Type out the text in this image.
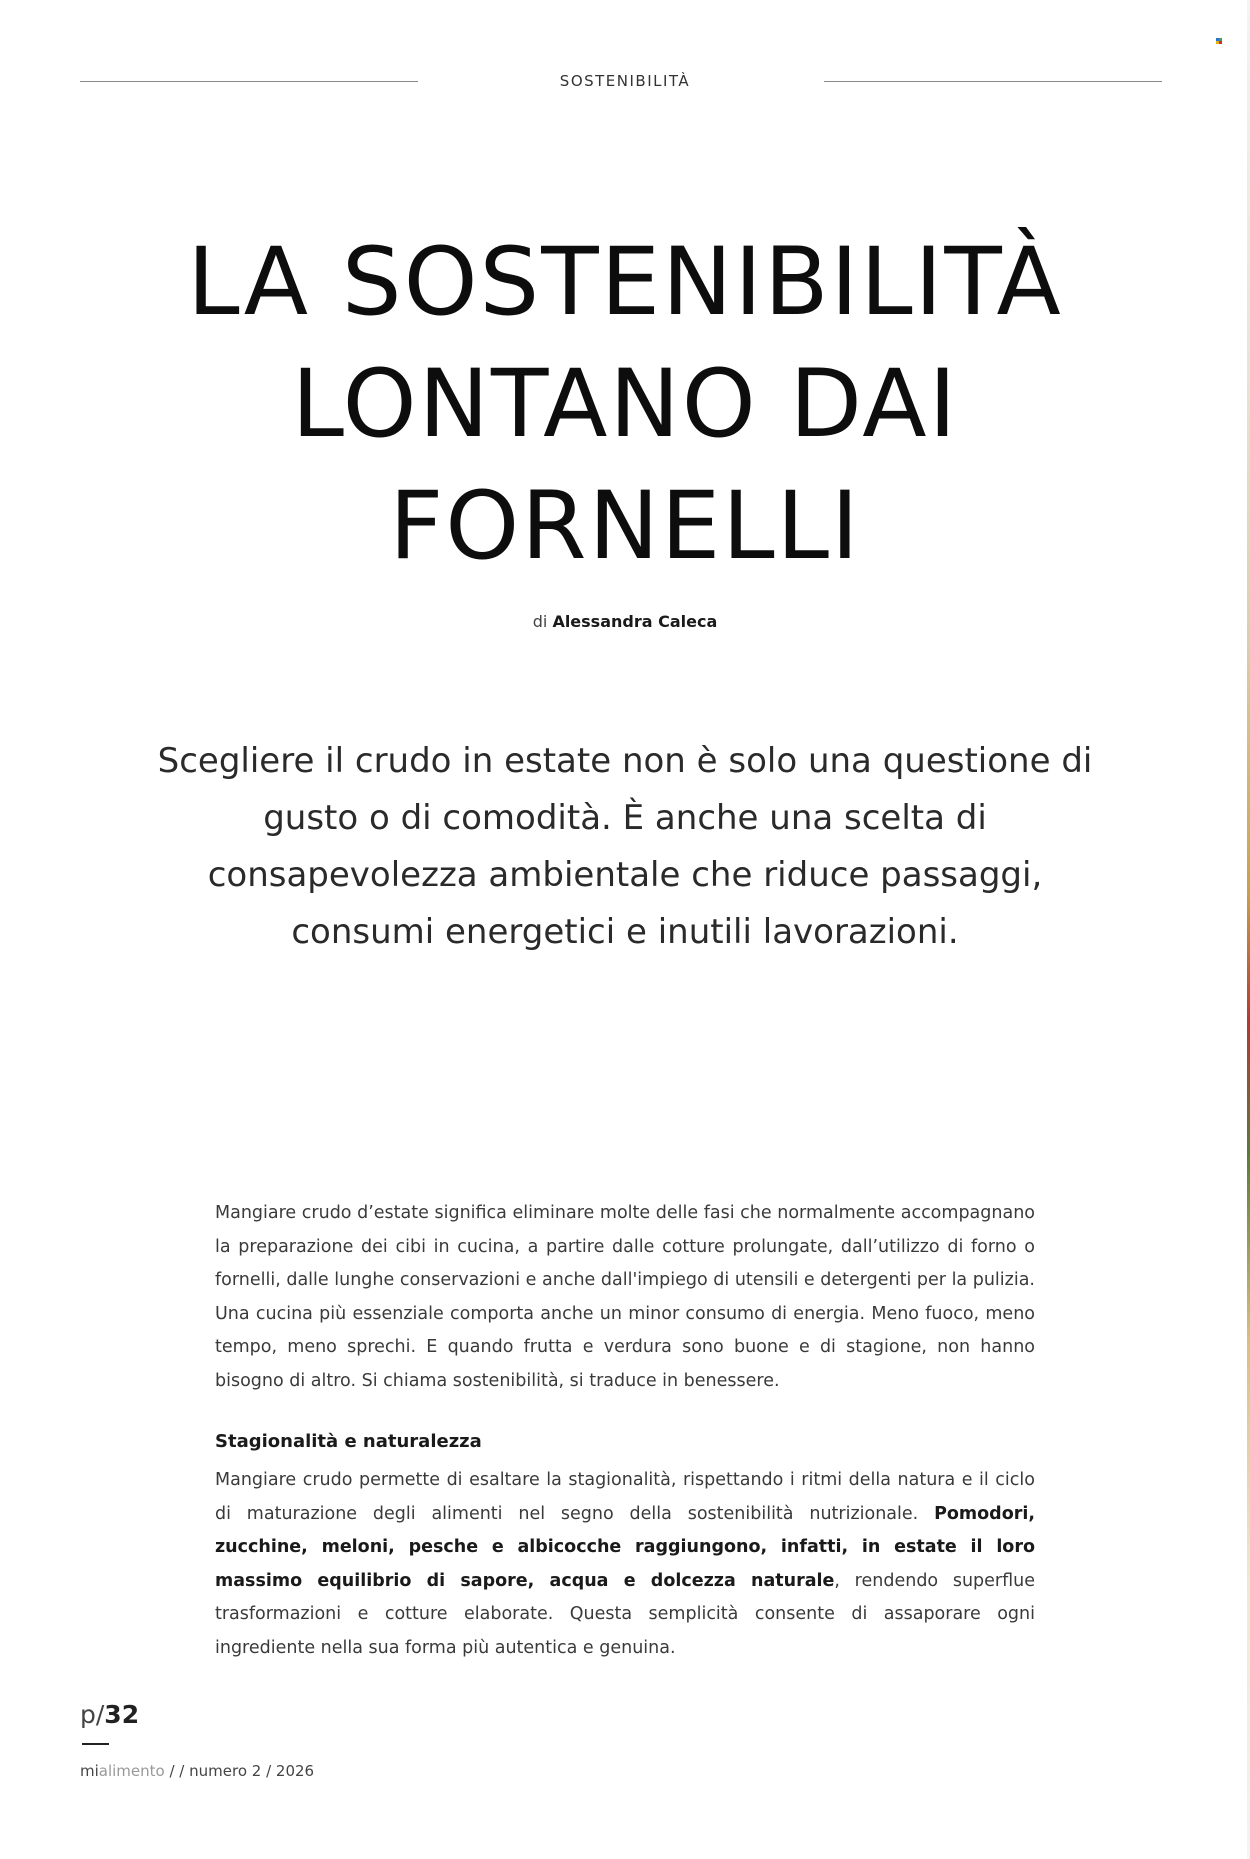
SOSTENIBILITÀ
LA SOSTENIBILITÀ
LONTANO DAI
FORNELLI
di Alessandra Caleca

Scegliere il crudo in estate non è solo una questione di gusto o di comodità. È anche una scelta di consapevolezza ambientale che riduce passaggi, consumi energetici e inutili lavorazioni.

Mangiare crudo d’estate significa eliminare molte delle fasi che normalmente accompagnano la preparazione dei cibi in cucina, a partire dalle cotture prolungate, dall’utilizzo di forno o fornelli, dalle lunghe conservazioni e anche dall'impiego di utensili e detergenti per la pulizia. Una cucina più essenziale comporta anche un minor consumo di energia. Meno fuoco, meno tempo, meno sprechi. E quando frutta e verdura sono buone e di stagione, non hanno bisogno di altro. Si chiama sostenibilità, si traduce in benessere.

Stagionalità e naturalezza

Mangiare crudo permette di esaltare la stagionalità, rispettando i ritmi della natura e il ciclo di maturazione degli alimenti nel segno della sostenibilità nutrizionale. Pomodori, zucchine, meloni, pesche e albicocche raggiungono, infatti, in estate il loro massimo equilibrio di sapore, acqua e dolcezza naturale, rendendo superflue trasformazioni e cotture elaborate. Questa semplicità consente di assaporare ogni ingrediente nella sua forma più autentica e genuina.

p/32
mialimento / / numero 2 / 2026
